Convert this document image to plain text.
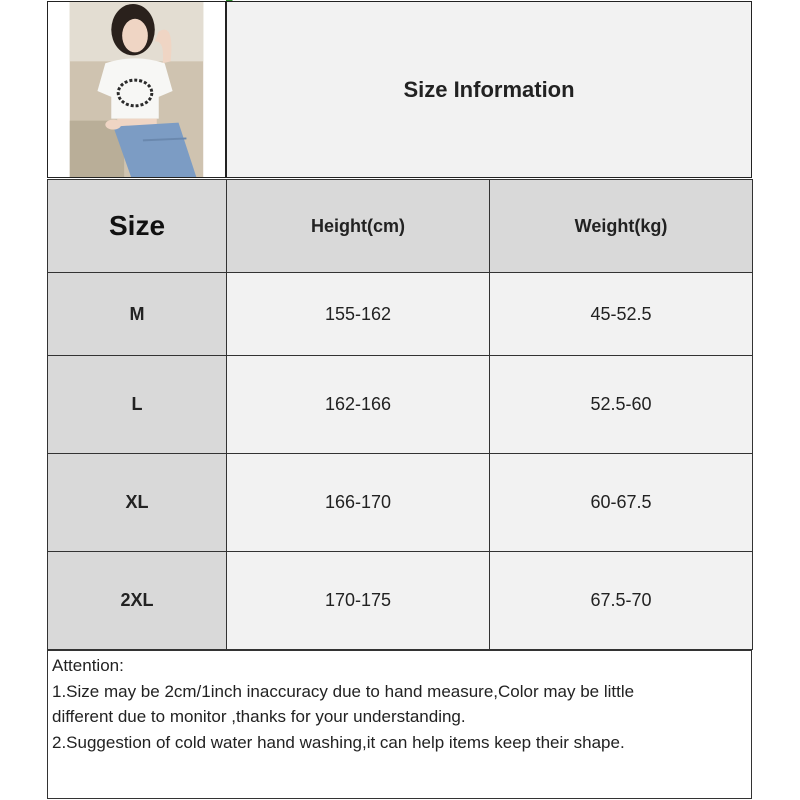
Size Information
Size	Height(cm)	Weight(kg)
M	155-162	45-52.5
L	162-166	52.5-60
XL	166-170	60-67.5
2XL	170-175	67.5-70
Attention:
1.Size may be 2cm/1inch inaccuracy due to hand measure,Color may be little
different due to monitor ,thanks for your understanding.
2.Suggestion of cold water hand washing,it can help items keep their shape.
